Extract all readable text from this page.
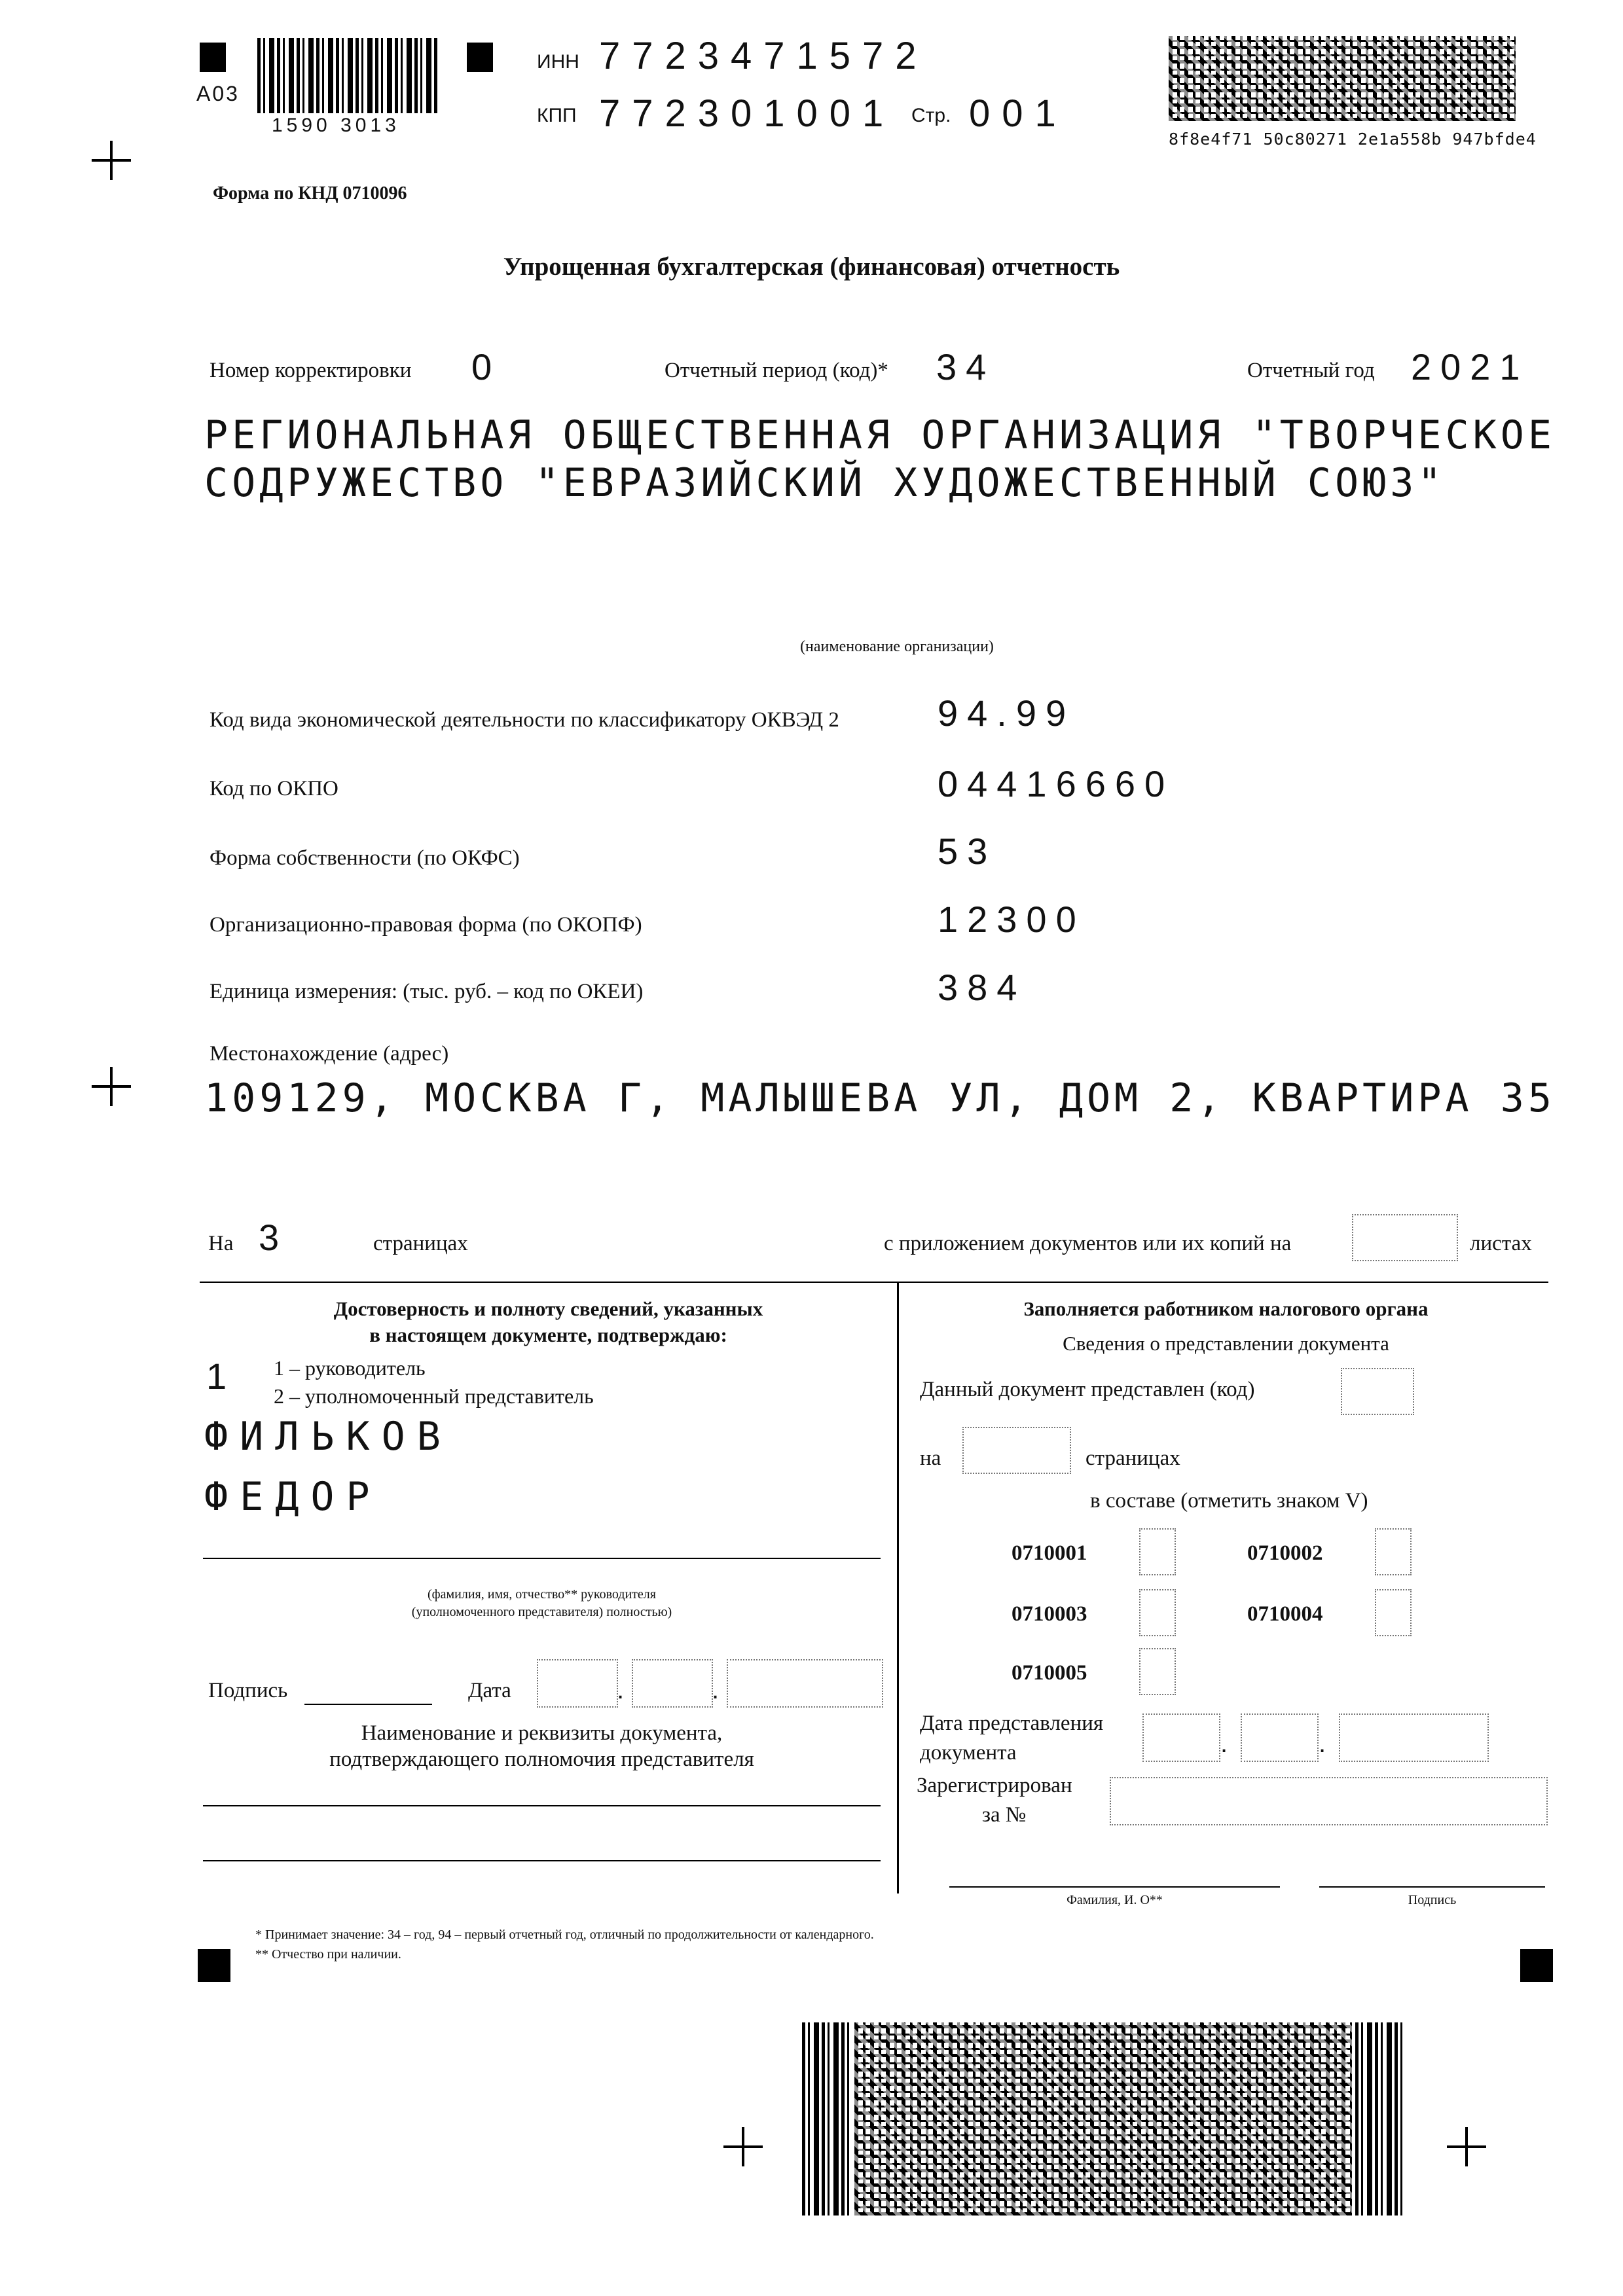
А03
1590 3013
ИНН 7723471572
КПП 772301001 Стр. 001
8f8e4f71 50c80271 2e1a558b 947bfde4
Форма по КНД 0710096
Упрощенная бухгалтерская (финансовая) отчетность
Номер корректировки 0	Отчетный период (код)* 34	Отчетный год 2021
РЕГИОНАЛЬНАЯ ОБЩЕСТВЕННАЯ ОРГАНИЗАЦИЯ "ТВОРЧЕСКОЕ
СОДРУЖЕСТВО "ЕВРАЗИЙСКИЙ ХУДОЖЕСТВЕННЫЙ СОЮЗ"
(наименование организации)
Код вида экономической деятельности по классификатору ОКВЭД 2	94.99
Код по ОКПО	04416660
Форма собственности (по ОКФС)	53
Организационно-правовая форма (по ОКОПФ)	12300
Единица измерения: (тыс. руб. – код по ОКЕИ)	384
Местонахождение (адрес)
109129, МОСКВА Г, МАЛЫШЕВА УЛ, ДОМ 2, КВАРТИРА 35
На 3	страницах	с приложением документов или их копий на	листах
Достоверность и полноту сведений, указанных
в настоящем документе, подтверждаю:
1 1 – руководитель
2 – уполномоченный представитель
ФИЛЬКОВ
ФЕДОР
(фамилия, имя, отчество** руководителя
(уполномоченного представителя) полностью)
Подпись	Дата	.	.
Наименование и реквизиты документа,
подтверждающего полномочия представителя
Заполняется работником налогового органа
Сведения о представлении документа
Данный документ представлен (код)
на	страницах
в составе (отметить знаком V)
0710001	0710002
0710003	0710004
0710005
Дата представления
документа	.	.
Зарегистрирован
за №
Фамилия, И. О**	Подпись
* Принимает значение: 34 – год, 94 – первый отчетный год, отличный по продолжительности от календарного.
** Отчество при наличии.
